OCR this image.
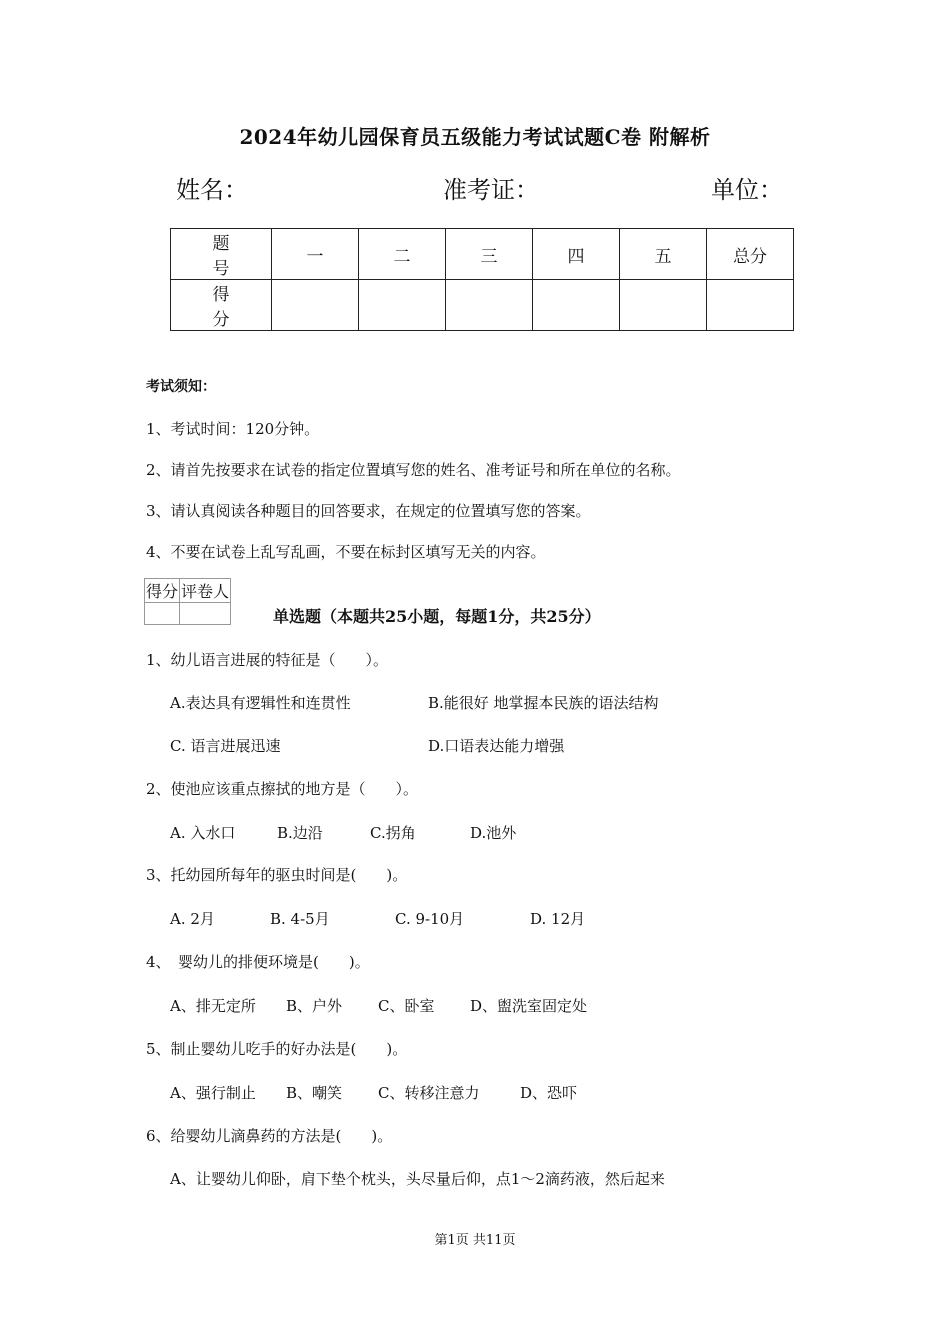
2024年幼儿园保育员五级能力考试试题C卷 附解析
姓名：	准考证：	单位：
题　号	一	二	三	四	五	总分
得　分						
考试须知：
1、考试时间：120分钟。
2、请首先按要求在试卷的指定位置填写您的姓名、准考证号和所在单位的名称。
3、请认真阅读各种题目的回答要求，在规定的位置填写您的答案。
4、不要在试卷上乱写乱画，不要在标封区填写无关的内容。
得分	评卷人

单选题（本题共25小题，每题1分，共25分）
1、幼儿语言进展的特征是（　　）。
A.表达具有逻辑性和连贯性	B.能很好 地掌握本民族的语法结构
C. 语言进展迅速	D.口语表达能力增强
2、使池应该重点擦拭的地方是（　　）。
A. 入水口	B.边沿	C.拐角	D.池外
3、托幼园所每年的驱虫时间是(　　)。
A. 2月	B. 4-5月	C. 9-10月	D. 12月
4、　婴幼儿的排便环境是(　　)。
A、排无定所 B、户外 C、卧室 D、盥洗室固定处
5、制止婴幼儿吃手的好办法是(　　)。
A、强行制止 B、嘲笑 C、转移注意力	D、恐吓
6、给婴幼儿滴鼻药的方法是(　　)。
A、让婴幼儿仰卧，肩下垫个枕头，头尽量后仰，点1～2滴药液，然后起来
第1页 共11页
